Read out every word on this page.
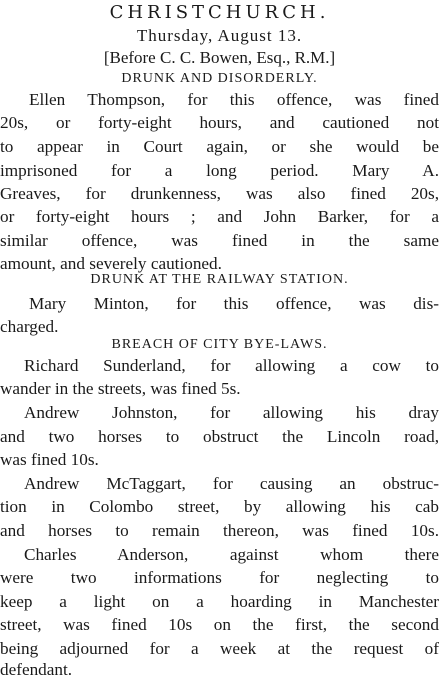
CHRISTCHURCH.
Thursday, August 13.
[Before C. C. Bowen, Esq., R.M.]
DRUNK AND DISORDERLY.
Ellen Thompson, for this offence, was fined
20s, or forty-eight hours, and cautioned not
to appear in Court again, or she would be
imprisoned for a long period. Mary A.
Greaves, for drunkenness, was also fined 20s,
or forty-eight hours ; and John Barker, for a
similar offence, was fined in the same
amount, and severely cautioned.
DRUNK AT THE RAILWAY STATION.
Mary Minton, for this offence, was dis-
charged.
BREACH OF CITY BYE-LAWS.
Richard Sunderland, for allowing a cow to
wander in the streets, was fined 5s.
Andrew Johnston, for allowing his dray
and two horses to obstruct the Lincoln road,
was fined 10s.
Andrew McTaggart, for causing an obstruc-
tion in Colombo street, by allowing his cab
and horses to remain thereon, was fined 10s.
Charles Anderson, against whom there
were two informations for neglecting to
keep a light on a hoarding in Manchester
street, was fined 10s on the first, the second
being adjourned for a week at the request of
defendant.
